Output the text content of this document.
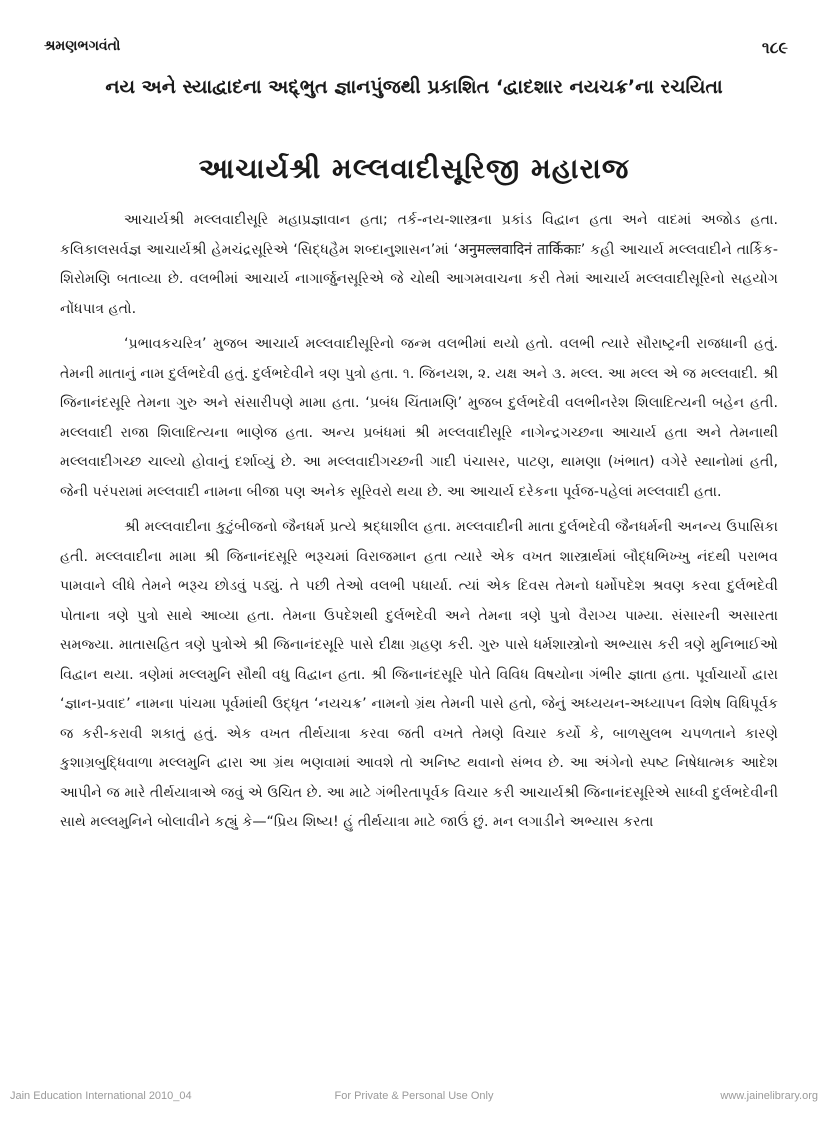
શ્રમણભગવંતો	૧૮૯
નય અને સ્યાદ્વાદના અદ્દ્ભુત જ્ઞાનપુંજથી પ્રકાશિત ‘દ્વાદશાર નયચક્ર’ના રચયિતા
આચાર્યશ્રી મલ્લવાદીસૂરિજી મહારાજ

આચાર્યશ્રી મલ્લવાદીસૂરિ મહાપ્રજ્ઞાવાન હતા; તર્ક-નય-શાસ્ત્રના પ્રકાંડ વિદ્વાન હતા અને વાદમાં અજોડ હતા. કલિકાલસર્વજ્ઞ આચાર્યશ્રી હેમચંદ્રસૂરિએ ‘સિદ્ધહૈમ શબ્દાનુશાસન’માં ‘अनुमल्लवादिनं तार्किकाः’ કહી આચાર્ય મલ્લવાદીને તાર્કિક-શિરોમણિ બતાવ્યા છે. વલભીમાં આચાર્ય નાગાર્જુનસૂરિએ જે ચોથી આગમવાચના કરી તેમાં આચાર્ય મલ્લવાદીસૂરિનો સહયોગ નોંધપાત્ર હતો.

‘પ્રભાવકચરિત્ર’ મુજબ આચાર્ય મલ્લવાદીસૂરિનો જન્મ વલભીમાં થયો હતો. વલભી ત્યારે સૌરાષ્ટ્રની રાજધાની હતું. તેમની માતાનું નામ દુર્લભદેવી હતું. દુર્લભદેવીને ત્રણ પુત્રો હતા. ૧. જિનયશ, ૨. યક્ષ અને ૩. મલ્લ. આ મલ્લ એ જ મલ્લવાદી. શ્રી જિનાનંદસૂરિ તેમના ગુરુ અને સંસારીપણે મામા હતા. ‘પ્રબંધ ચિંતામણિ’ મુજબ દુર્લભદેવી વલભીનરેશ શિલાદિત્યની બહેન હતી. મલ્લવાદી રાજા શિલાદિત્યના ભાણેજ હતા. અન્ય પ્રબંધમાં શ્રી મલ્લવાદીસૂરિ નાગેન્દ્રગચ્છના આચાર્ય હતા અને તેમનાથી મલ્લવાદીગચ્છ ચાલ્યો હોવાનું દર્શાવ્યું છે. આ મલ્લવાદીગચ્છની ગાદી પંચાસર, પાટણ, થામણા (ખંભાત) વગેરે સ્થાનોમાં હતી, જેની પરંપરામાં મલ્લવાદી નામના બીજા પણ અનેક સૂરિવરો થયા છે. આ આચાર્ય દરેકના પૂર્વજ-પહેલાં મલ્લવાદી હતા.

શ્રી મલ્લવાદીના કુટુંબીજનો જૈનધર્મ પ્રત્યે શ્રદ્ધાશીલ હતા. મલ્લવાદીની માતા દુર્લભદેવી જૈનધર્મની અનન્ય ઉપાસિકા હતી. મલ્લવાદીના મામા શ્રી જિનાનંદસૂરિ ભરૂચમાં વિરાજમાન હતા ત્યારે એક વખત શાસ્ત્રાર્થમાં બૌદ્ધભિખ્ખુ નંદથી પરાભવ પામવાને લીધે તેમને ભરૂચ છોડવું પડ્યું. તે પછી તેઓ વલભી પધાર્યા. ત્યાં એક દિવસ તેમનો ધર્મોપદેશ શ્રવણ કરવા દુર્લભદેવી પોતાના ત્રણે પુત્રો સાથે આવ્યા હતા. તેમના ઉપદેશથી દુર્લભદેવી અને તેમના ત્રણે પુત્રો વૈરાગ્ય પામ્યા. સંસારની અસારતા સમજ્યા. માતાસહિત ત્રણે પુત્રોએ શ્રી જિનાનંદસૂરિ પાસે દીક્ષા ગ્રહણ કરી. ગુરુ પાસે ધર્મશાસ્ત્રોનો અભ્યાસ કરી ત્રણે મુનિભાઈઓ વિદ્વાન થયા. ત્રણેમાં મલ્લમુનિ સૌથી વધુ વિદ્વાન હતા. શ્રી જિનાનંદસૂરિ પોતે વિવિધ વિષયોના ગંભીર જ્ઞાતા હતા. પૂર્વાચાર્યો દ્વારા ‘જ્ઞાન-પ્રવાદ’ નામના પાંચમા પૂર્વમાંથી ઉદ્ધૃત ‘નયચક્ર’ નામનો ગ્રંથ તેમની પાસે હતો, જેનું અધ્યયન-અધ્યાપન વિશેષ વિધિપૂર્વક જ કરી-કરાવી શકાતું હતું. એક વખત તીર્થયાત્રા કરવા જતી વખતે તેમણે વિચાર કર્યો કે, બાળસુલભ ચપળતાને કારણે કુશાગ્રબુદ્ધિવાળા મલ્લમુનિ દ્વારા આ ગ્રંથ ભણવામાં આવશે તો અનિષ્ટ થવાનો સંભવ છે. આ અંગેનો સ્પષ્ટ નિષેધાત્મક આદેશ આપીને જ મારે તીર્થયાત્રાએ જવું એ ઉચિત છે. આ માટે ગંભીરતાપૂર્વક વિચાર કરી આચાર્યશ્રી જિનાનંદસૂરિએ સાધ્વી દુર્લભદેવીની સાથે મલ્લમુનિને બોલાવીને કહ્યું કે—“પ્રિય શિષ્ય! હું તીર્થયાત્રા માટે જાઉં છું. મન લગાડીને અભ્યાસ કરતા

Jain Education International 2010_04	For Private & Personal Use Only	www.jainelibrary.org
